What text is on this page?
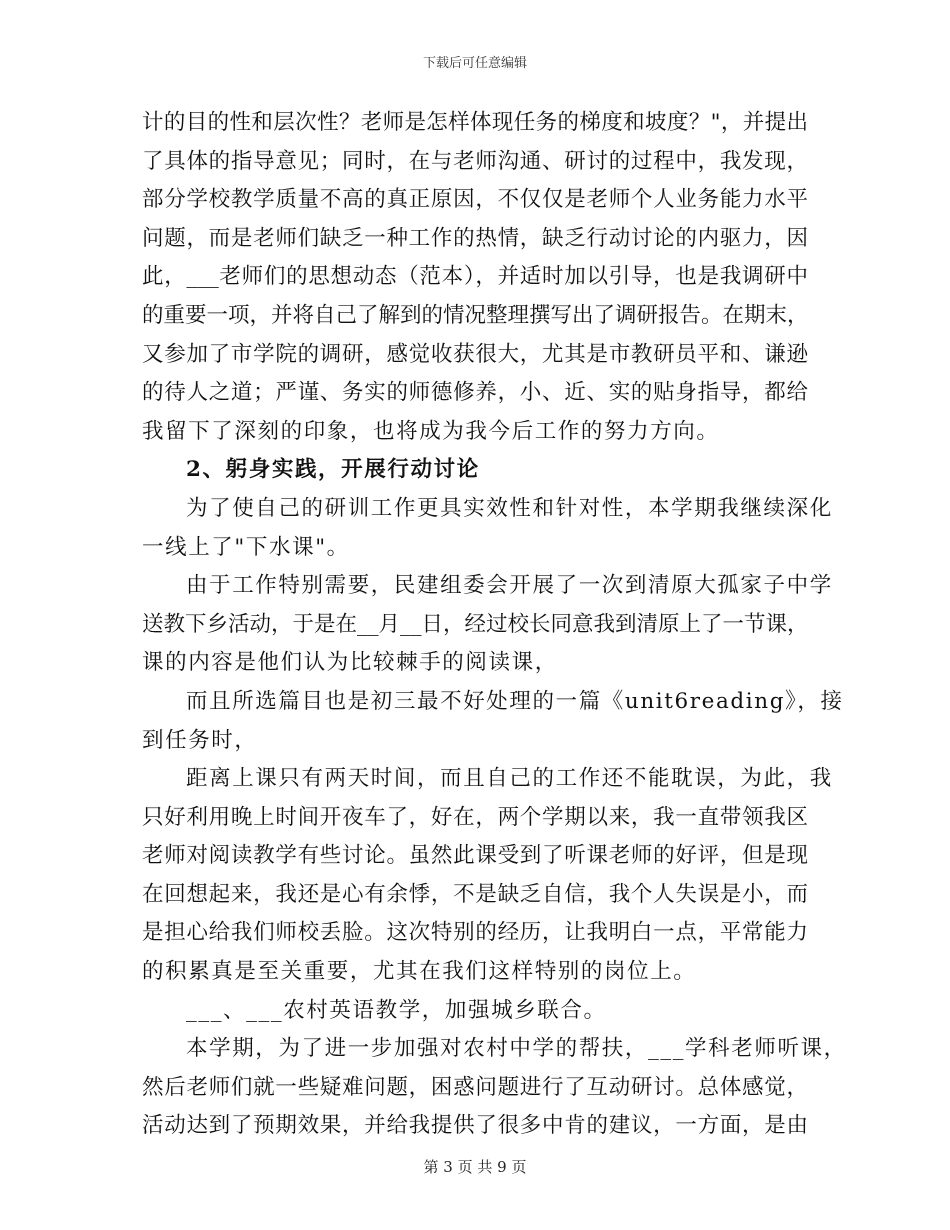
下载后可任意编辑
计的目的性和层次性？老师是怎样体现任务的梯度和坡度？"，并提出
了具体的指导意见；同时，在与老师沟通、研讨的过程中，我发现，
部分学校教学质量不高的真正原因，不仅仅是老师个人业务能力水平
问题，而是老师们缺乏一种工作的热情，缺乏行动讨论的内驱力，因
此，___老师们的思想动态（范本），并适时加以引导，也是我调研中
的重要一项，并将自己了解到的情况整理撰写出了调研报告。在期末，
又参加了市学院的调研，感觉收获很大，尤其是市教研员平和、谦逊
的待人之道；严谨、务实的师德修养，小、近、实的贴身指导，都给
我留下了深刻的印象，也将成为我今后工作的努力方向。
2、躬身实践，开展行动讨论
为了使自己的研训工作更具实效性和针对性，本学期我继续深化
一线上了"下水课"。
由于工作特别需要，民建组委会开展了一次到清原大孤家子中学
送教下乡活动，于是在__月__日，经过校长同意我到清原上了一节课，
课的内容是他们认为比较棘手的阅读课，
而且所选篇目也是初三最不好处理的一篇《unit6reading》，接
到任务时，
距离上课只有两天时间，而且自己的工作还不能耽误，为此，我
只好利用晚上时间开夜车了，好在，两个学期以来，我一直带领我区
老师对阅读教学有些讨论。虽然此课受到了听课老师的好评，但是现
在回想起来，我还是心有余悸，不是缺乏自信，我个人失误是小，而
是担心给我们师校丢脸。这次特别的经历，让我明白一点，平常能力
的积累真是至关重要，尤其在我们这样特别的岗位上。
___、___农村英语教学，加强城乡联合。
本学期，为了进一步加强对农村中学的帮扶，___学科老师听课，
然后老师们就一些疑难问题，困惑问题进行了互动研讨。总体感觉，
活动达到了预期效果，并给我提供了很多中肯的建议，一方面，是由
第 3 页 共 9 页
